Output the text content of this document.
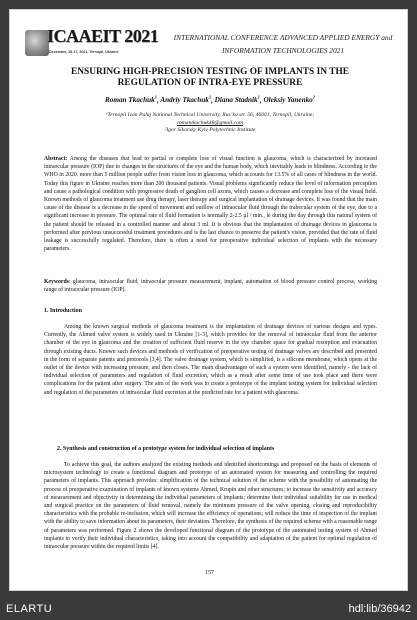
ICAAEIT 2021
December, 15-17, 2021, Ternopil, Ukraine
INTERNATIONAL CONFERENCE ADVANCED APPLIED ENERGY and
INFORMATION TECHNOLOGIES 2021
ENSURING HIGH-PRECISION TESTING OF IMPLANTS IN THE
REGULATION OF INTRA-EYE PRESSURE
Roman Tkachuk$^1$, Andriy Tkachuk$^1$, Diana Stadnik$^1$, Oleksiy Yanenko$^2$
¹Ternopil Ivan Puluj National Technical University, Rus’ka str. 56, 46001, Ternopil, Ukraine;
romantkachuk48@gmail.com
²Igor Sikorsky Kyiv Polytechnic Institute
Abstract: Among the diseases that lead to partial or complete loss of visual function is glaucoma, which is characterized by increased intraocular pressure (IOP) due to changes in the structures of the eye and the human body, which inevitably leads to blindness. According to the WHO in 2020. more than 5 million people suffer from vision loss in glaucoma, which accounts for 13.5% of all cases of blindness in the world. Today this figure in Ukraine reaches more than 200 thousand patients. Visual problems significantly reduce the level of information perception and cause a pathological condition with progressive death of ganglion cell axons, which causes a decrease and complete loss of the visual field. Known methods of glaucoma treatment use drug therapy, laser therapy and surgical implantation of drainage devices. It was found that the main cause of the disease is a decrease in the speed of movement and outflow of intraocular fluid through the trabecular system of the eye, due to a significant increase in pressure. The optimal rate of fluid formation is normally 2-2.5 μl / min., le during the day through this natural system of the patient should be released in a controlled manner and about 3 ml. It is obvious that the implantation of drainage devices in glaucoma is performed after previous unsuccessful treatment procedures and is the last chance to preserve the patient's vision, provided that the rate of fluid leakage is successfully regulated. Therefore, there is often a need for preoperative individual selection of implants with the necessary parameters.
Keywords: glaucoma, intraocular fluid, intraocular pressure measurement, implant, automation of blood pressure control process, working range of intraocular pressure (IOP).
1. Introduction
Among the known surgical methods of glaucoma treatment is the implantation of drainage devices of various designs and types. Currently, the Ahmed valve system is widely used in Ukraine [1-3], which provides for the removal of intraocular fluid from the anterior chamber of the eye in glaucoma and the creation of sufficient fluid reserve in the eye chamber space for gradual resorption and evacuation through existing ducts. Known such devices and methods of verification of preoperative testing of drainage valves are described and presented in the form of separate patents and protocols [3,4]. The valve drainage system, which is simplified, is a silicone membrane, which opens at the outlet of the device with increasing pressure, and then closes. The main disadvantages of such a system were identified, namely - the lack of individual selection of parameters and regulation of fluid excretion, which as a result after some time of use took place and there were complications for the patient after surgery. The aim of the work was to create a prototype of the implant testing system for individual selection and regulation of the parameters of intraocular fluid excretion at the predicted rate for a patient with glaucoma.
2. Synthesis and construction of a prototype system for individual selection of implants
To achieve this goal, the authors analyzed the existing methods and identified shortcomings and proposed on the basis of elements of microsystem technology to create a functional diagram and prototype of an automated system for measuring and controlling the required parameters of implants. This approach provides: simplification of the technical solution of the scheme with the possibility of automating the process of preoperative examination of implants of known systems Ahmed, Krupin and other structures; to increase the sensitivity and accuracy of measurement and objectivity in determining the individual parameters of implants; determine their individual suitability for use in medical and surgical practice on the parameters of fluid removal, namely the minimum pressure of the valve opening, closing and reproducibility characteristics with the probable re-inclusion, which will increase the efficiency of operations; will reduce the time of inspection of the implant with the ability to save information about its parameters, their deviation. Therefore, the synthesis of the required scheme with a reasonable range of parameters was performed. Figure 2 shows the developed functional diagram of the prototype of the automated testing system of Ahmed implants to verify their individual characteristics, taking into account the compatibility and adaptation of the patient for optimal regulation of intraocular pressure within the required limits [4].
157
ELARTU	hdl:lib/36942
